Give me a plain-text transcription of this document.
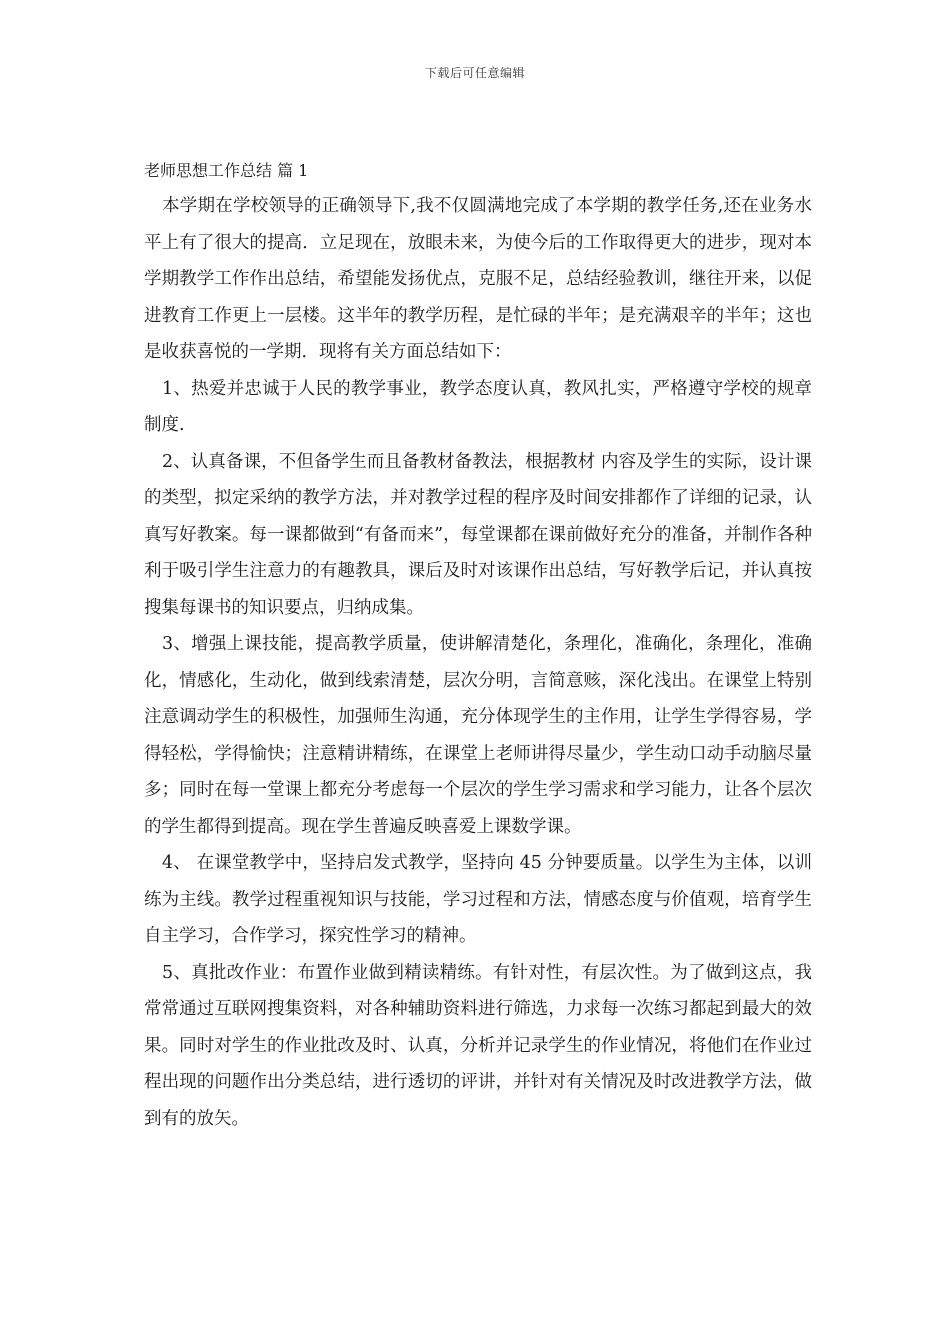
下载后可任意编辑
老师思想工作总结 篇 1

本学期在学校领导的正确领导下,我不仅圆满地完成了本学期的教学任务,还在业务水平上有了很大的提高．立足现在，放眼未来，为使今后的工作取得更大的进步，现对本学期教学工作作出总结，希望能发扬优点，克服不足，总结经验教训，继往开来，以促进教育工作更上一层楼。这半年的教学历程，是忙碌的半年；是充满艰辛的半年；这也是收获喜悦的一学期．现将有关方面总结如下：

1、热爱并忠诚于人民的教学事业，教学态度认真，教风扎实，严格遵守学校的规章制度.

2、认真备课，不但备学生而且备教材备教法，根据教材 内容及学生的实际，设计课的类型，拟定采纳的教学方法，并对教学过程的程序及时间安排都作了详细的记录，认真写好教案。每一课都做到“有备而来”，每堂课都在课前做好充分的准备，并制作各种利于吸引学生注意力的有趣教具，课后及时对该课作出总结，写好教学后记，并认真按搜集每课书的知识要点，归纳成集。

3、增强上课技能，提高教学质量，使讲解清楚化，条理化，准确化，条理化，准确化，情感化，生动化，做到线索清楚，层次分明，言简意赅，深化浅出。在课堂上特别注意调动学生的积极性，加强师生沟通，充分体现学生的主作用，让学生学得容易，学得轻松，学得愉快；注意精讲精练，在课堂上老师讲得尽量少，学生动口动手动脑尽量多；同时在每一堂课上都充分考虑每一个层次的学生学习需求和学习能力，让各个层次的学生都得到提高。现在学生普遍反映喜爱上课数学课。

4、 在课堂教学中，坚持启发式教学，坚持向 45 分钟要质量。以学生为主体，以训练为主线。教学过程重视知识与技能，学习过程和方法，情感态度与价值观，培育学生自主学习，合作学习，探究性学习的精神。

5、真批改作业：布置作业做到精读精练。有针对性，有层次性。为了做到这点，我常常通过互联网搜集资料，对各种辅助资料进行筛选，力求每一次练习都起到最大的效果。同时对学生的作业批改及时、认真，分析并记录学生的作业情况，将他们在作业过程出现的问题作出分类总结，进行透切的评讲，并针对有关情况及时改进教学方法，做到有的放矢。
